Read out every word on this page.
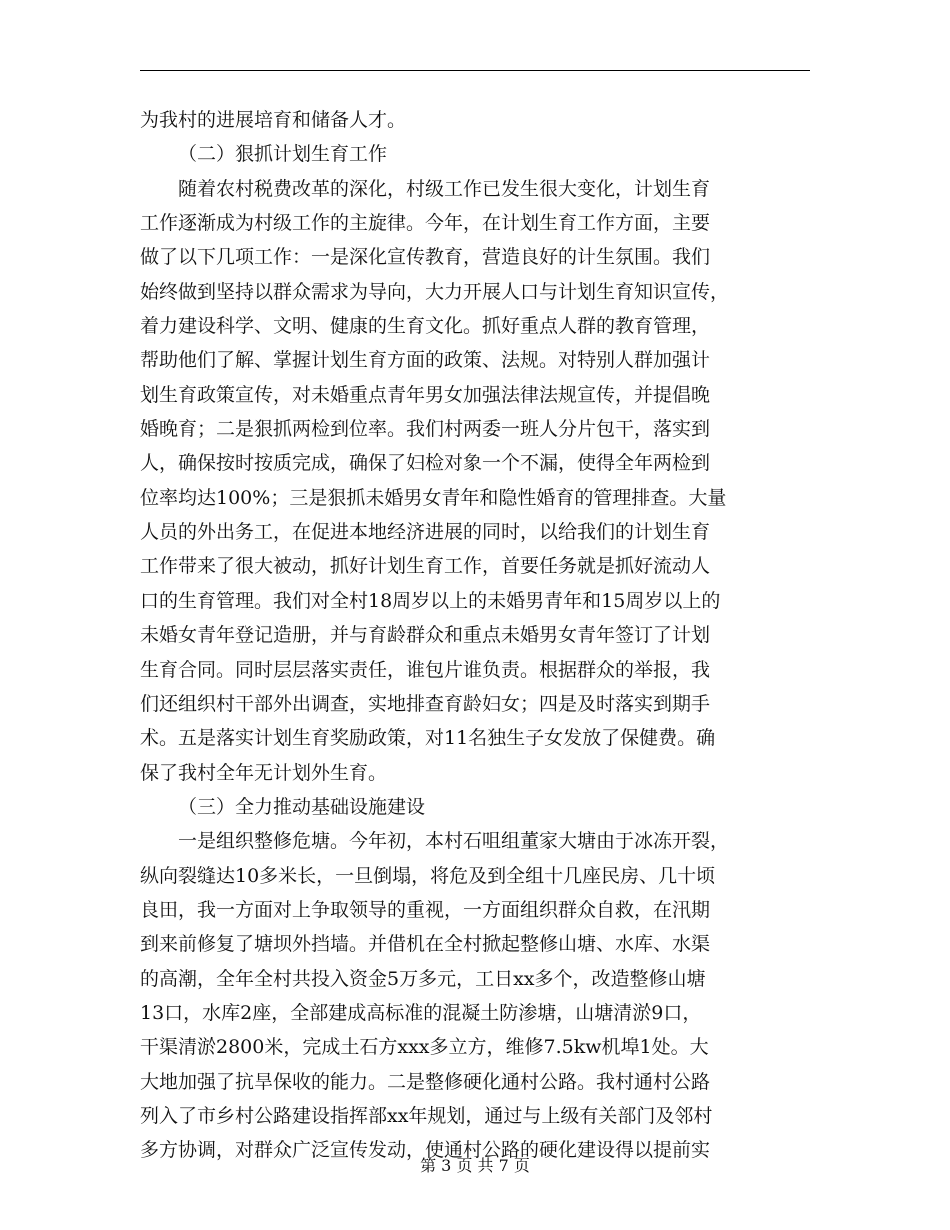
为我村的进展培育和储备人才。
（二）狠抓计划生育工作
随着农村税费改革的深化，村级工作已发生很大变化，计划生育
工作逐渐成为村级工作的主旋律。今年，在计划生育工作方面，主要
做了以下几项工作：一是深化宣传教育，营造良好的计生氛围。我们
始终做到坚持以群众需求为导向，大力开展人口与计划生育知识宣传，
着力建设科学、文明、健康的生育文化。抓好重点人群的教育管理，
帮助他们了解、掌握计划生育方面的政策、法规。对特别人群加强计
划生育政策宣传，对未婚重点青年男女加强法律法规宣传，并提倡晚
婚晚育；二是狠抓两检到位率。我们村两委一班人分片包干，落实到
人，确保按时按质完成，确保了妇检对象一个不漏，使得全年两检到
位率均达100%；三是狠抓未婚男女青年和隐性婚育的管理排查。大量
人员的外出务工，在促进本地经济进展的同时，以给我们的计划生育
工作带来了很大被动，抓好计划生育工作，首要任务就是抓好流动人
口的生育管理。我们对全村18周岁以上的未婚男青年和15周岁以上的
未婚女青年登记造册，并与育龄群众和重点未婚男女青年签订了计划
生育合同。同时层层落实责任，谁包片谁负责。根据群众的举报，我
们还组织村干部外出调查，实地排查育龄妇女；四是及时落实到期手
术。五是落实计划生育奖励政策，对11名独生子女发放了保健费。确
保了我村全年无计划外生育。
（三）全力推动基础设施建设
一是组织整修危塘。今年初，本村石咀组董家大塘由于冰冻开裂，
纵向裂缝达10多米长，一旦倒塌，将危及到全组十几座民房、几十顷
良田，我一方面对上争取领导的重视，一方面组织群众自救，在汛期
到来前修复了塘坝外挡墙。并借机在全村掀起整修山塘、水库、水渠
的高潮，全年全村共投入资金5万多元，工日xx多个，改造整修山塘
13口，水库2座，全部建成高标准的混凝土防渗塘，山塘清淤9口，
干渠清淤2800米，完成土石方xxx多立方，维修7.5kw机埠1处。大
大地加强了抗旱保收的能力。二是整修硬化通村公路。我村通村公路
列入了市乡村公路建设指挥部xx年规划，通过与上级有关部门及邻村
多方协调，对群众广泛宣传发动，使通村公路的硬化建设得以提前实
第 3 页 共 7 页
